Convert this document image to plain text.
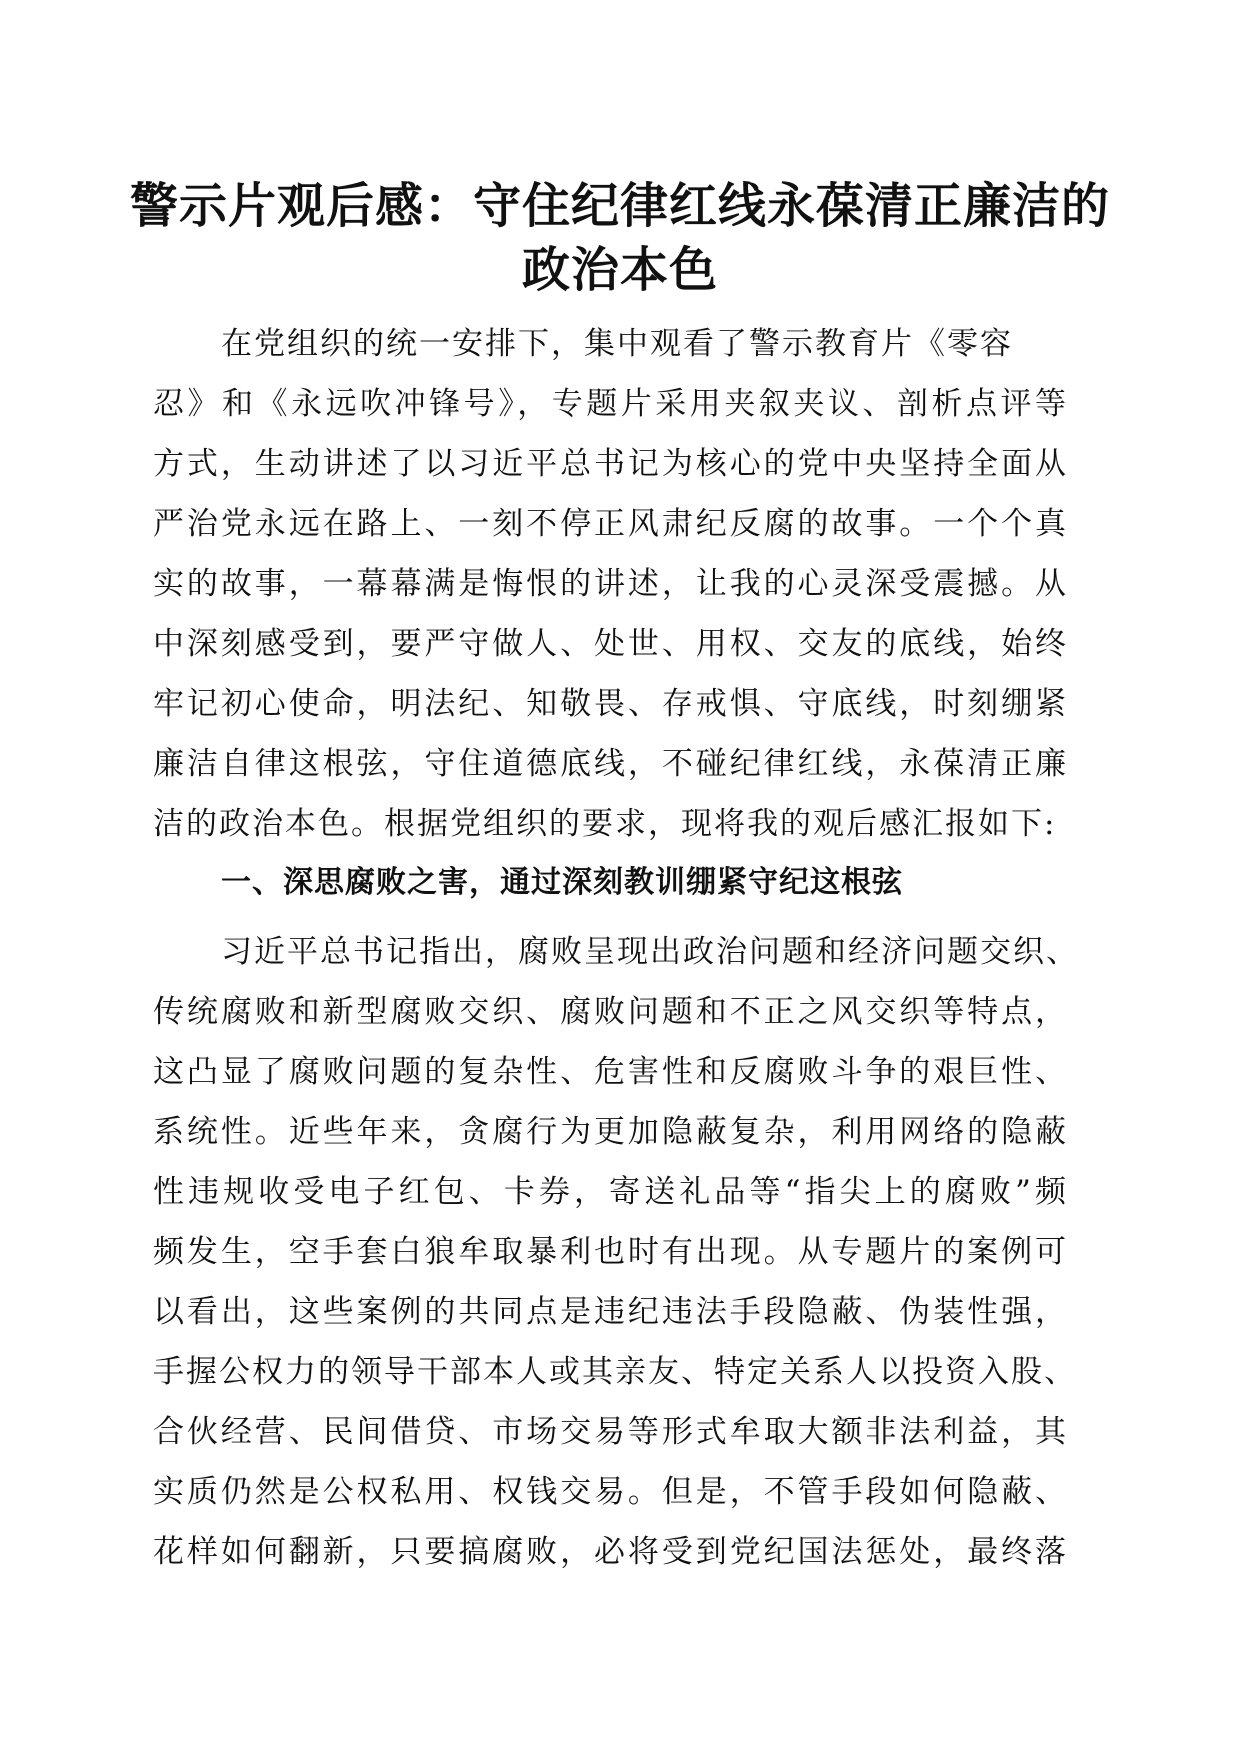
警示片观后感：守住纪律红线永葆清正廉洁的
政治本色
在党组织的统一安排下，集中观看了警示教育片《零容
忍》和《永远吹冲锋号》，专题片采用夹叙夹议、剖析点评等
方式，生动讲述了以习近平总书记为核心的党中央坚持全面从
严治党永远在路上、一刻不停正风肃纪反腐的故事。一个个真
实的故事，一幕幕满是悔恨的讲述，让我的心灵深受震撼。从
中深刻感受到，要严守做人、处世、用权、交友的底线，始终
牢记初心使命，明法纪、知敬畏、存戒惧、守底线，时刻绷紧
廉洁自律这根弦，守住道德底线，不碰纪律红线，永葆清正廉
洁的政治本色。根据党组织的要求，现将我的观后感汇报如下:
一、深思腐败之害，通过深刻教训绷紧守纪这根弦
习近平总书记指出，腐败呈现出政治问题和经济问题交织、
传统腐败和新型腐败交织、腐败问题和不正之风交织等特点，
这凸显了腐败问题的复杂性、危害性和反腐败斗争的艰巨性、
系统性。近些年来，贪腐行为更加隐蔽复杂，利用网络的隐蔽
性违规收受电子红包、卡券，寄送礼品等“指尖上的腐败”频
频发生，空手套白狼牟取暴利也时有出现。从专题片的案例可
以看出，这些案例的共同点是违纪违法手段隐蔽、伪装性强，
手握公权力的领导干部本人或其亲友、特定关系人以投资入股、
合伙经营、民间借贷、市场交易等形式牟取大额非法利益，其
实质仍然是公权私用、权钱交易。但是，不管手段如何隐蔽、
花样如何翻新，只要搞腐败，必将受到党纪国法惩处，最终落
